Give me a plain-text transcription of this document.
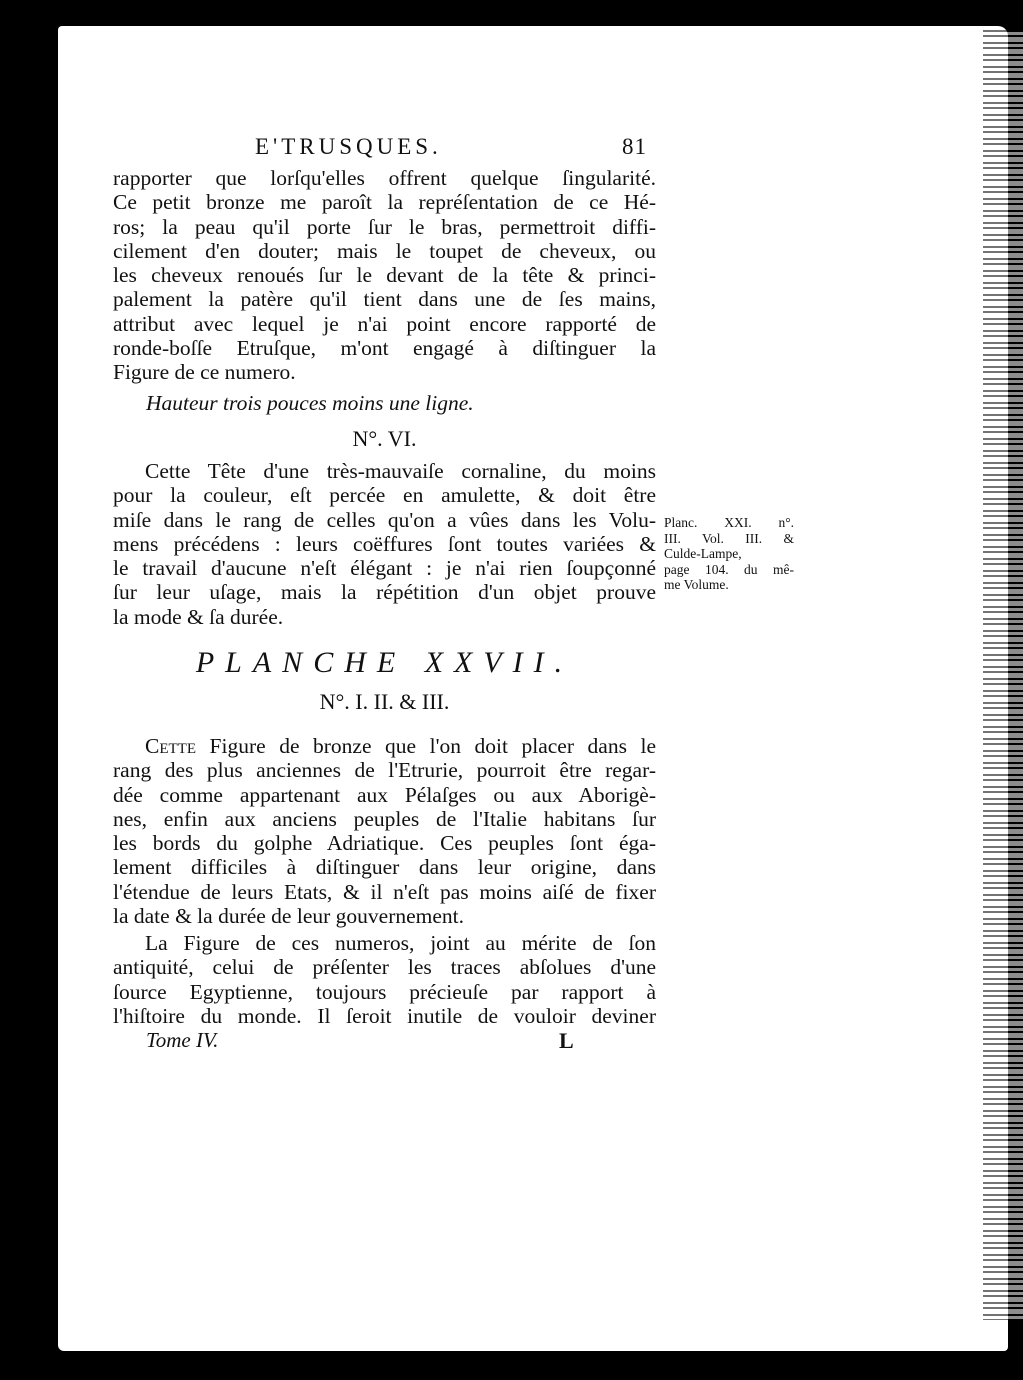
E'TRUSQUES.	81

rapporter que lorſqu'elles offrent quelque ſingularité.
Ce petit bronze me paroît la repréſentation de ce Hé-
ros; la peau qu'il porte ſur le bras, permettroit diffi-
cilement d'en douter; mais le toupet de cheveux, ou
les cheveux renoués ſur le devant de la tête & princi-
palement la patère qu'il tient dans une de ſes mains,
attribut avec lequel je n'ai point encore rapporté de
ronde-boſſe Etruſque, m'ont engagé à diſtinguer la
Figure de ce numero.

Hauteur trois pouces moins une ligne.
N°. VI.

Cette Tête d'une très-mauvaiſe cornaline, du moins
pour la couleur, eſt percée en amulette, & doit être
miſe dans le rang de celles qu'on a vûes dans les Volu-
mens précédens : leurs coëffures ſont toutes variées &
le travail d'aucune n'eſt élégant : je n'ai rien ſoupçonné
ſur leur uſage, mais la répétition d'un objet prouve
la mode & ſa durée.

Planc. XXI. n°.
III. Vol. III. &
Culde-Lampe,
page 104. du mê-
me Volume.
PLANCHE XXVII.
N°. I. II. & III.

Cette Figure de bronze que l'on doit placer dans le
rang des plus anciennes de l'Etrurie, pourroit être regar-
dée comme appartenant aux Pélaſges ou aux Aborigè-
nes, enfin aux anciens peuples de l'Italie habitans ſur
les bords du golphe Adriatique. Ces peuples ſont éga-
lement difficiles à diſtinguer dans leur origine, dans
l'étendue de leurs Etats, & il n'eſt pas moins aiſé de fixer
la date & la durée de leur gouvernement.

La Figure de ces numeros, joint au mérite de ſon
antiquité, celui de préſenter les traces abſolues d'une
ſource Egyptienne, toujours précieuſe par rapport à
l'hiſtoire du monde. Il ſeroit inutile de vouloir deviner

Tome IV.	L
